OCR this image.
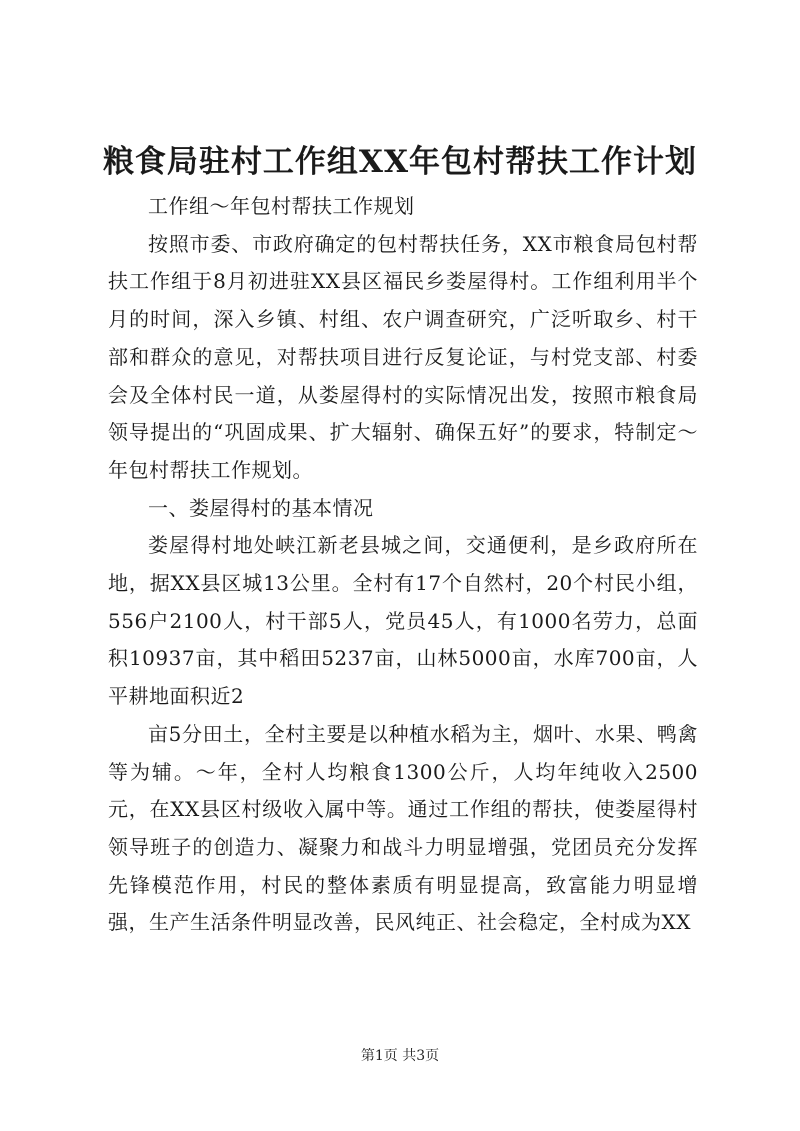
粮食局驻村工作组XX年包村帮扶工作计划

工作组～年包村帮扶工作规划

按照市委、市政府确定的包村帮扶任务，XX市粮食局包村帮扶工作组于8月初进驻XX县区福民乡娄屋得村。工作组利用半个月的时间，深入乡镇、村组、农户调查研究，广泛听取乡、村干部和群众的意见，对帮扶项目进行反复论证，与村党支部、村委会及全体村民一道，从娄屋得村的实际情况出发，按照市粮食局领导提出的“巩固成果、扩大辐射、确保五好”的要求，特制定～年包村帮扶工作规划。

一、娄屋得村的基本情况

娄屋得村地处峡江新老县城之间，交通便利，是乡政府所在地，据XX县区城13公里。全村有17个自然村，20个村民小组，556户2100人，村干部5人，党员45人，有1000名劳力，总面积10937亩，其中稻田5237亩，山林5000亩，水库700亩，人平耕地面积近2

亩5分田土，全村主要是以种植水稻为主，烟叶、水果、鸭禽等为辅。～年，全村人均粮食1300公斤，人均年纯收入2500元，在XX县区村级收入属中等。通过工作组的帮扶，使娄屋得村领导班子的创造力、凝聚力和战斗力明显增强，党团员充分发挥先锋模范作用，村民的整体素质有明显提高，致富能力明显增强，生产生活条件明显改善，民风纯正、社会稳定，全村成为XX

第1页 共3页
